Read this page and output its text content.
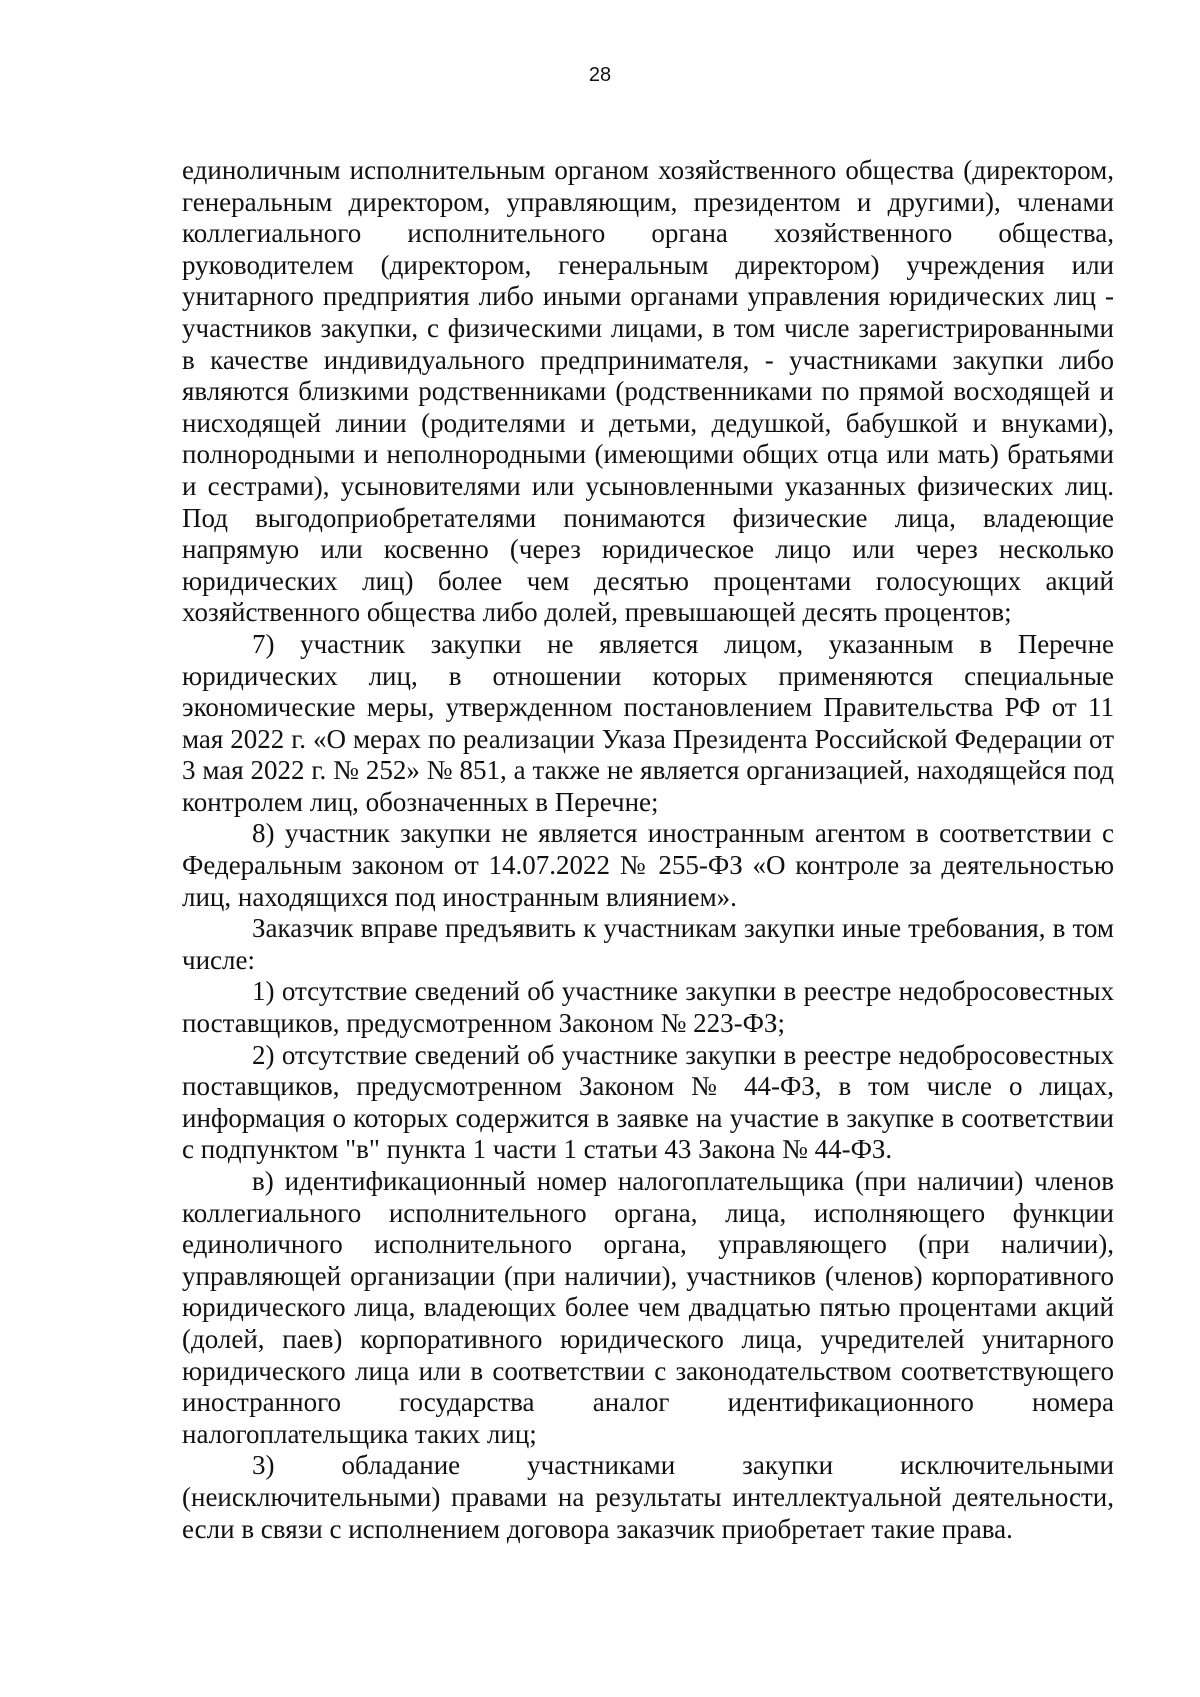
28

единоличным исполнительным органом хозяйственного общества (директором, генеральным директором, управляющим, президентом и другими), членами коллегиального исполнительного органа хозяйственного общества, руководителем (директором, генеральным директором) учреждения или унитарного предприятия либо иными органами управления юридических лиц - участников закупки, с физическими лицами, в том числе зарегистрированными в качестве индивидуального предпринимателя, - участниками закупки либо являются близкими родственниками (родственниками по прямой восходящей и нисходящей линии (родителями и детьми, дедушкой, бабушкой и внуками), полнородными и неполнородными (имеющими общих отца или мать) братьями и сестрами), усыновителями или усыновленными указанных физических лиц. Под выгодоприобретателями понимаются физические лица, владеющие напрямую или косвенно (через юридическое лицо или через несколько юридических лиц) более чем десятью процентами голосующих акций хозяйственного общества либо долей, превышающей десять процентов;

7) участник закупки не является лицом, указанным в Перечне юридических лиц, в отношении которых применяются специальные экономические меры, утвержденном постановлением Правительства РФ от 11 мая 2022 г. «О мерах по реализации Указа Президента Российской Федерации от 3 мая 2022 г. № 252» № 851, а также не является организацией, находящейся под контролем лиц, обозначенных в Перечне;

8) участник закупки не является иностранным агентом в соответствии с Федеральным законом от 14.07.2022 № 255-ФЗ «О контроле за деятельностью лиц, находящихся под иностранным влиянием».

Заказчик вправе предъявить к участникам закупки иные требования, в том числе:

1) отсутствие сведений об участнике закупки в реестре недобросовестных поставщиков, предусмотренном Законом № 223-ФЗ;

2) отсутствие сведений об участнике закупки в реестре недобросовестных поставщиков, предусмотренном Законом № 44-ФЗ, в том числе о лицах, информация о которых содержится в заявке на участие в закупке в соответствии с подпунктом "в" пункта 1 части 1 статьи 43 Закона № 44-ФЗ.

в) идентификационный номер налогоплательщика (при наличии) членов коллегиального исполнительного органа, лица, исполняющего функции единоличного исполнительного органа, управляющего (при наличии), управляющей организации (при наличии), участников (членов) корпоративного юридического лица, владеющих более чем двадцатью пятью процентами акций (долей, паев) корпоративного юридического лица, учредителей унитарного юридического лица или в соответствии с законодательством соответствующего иностранного государства аналог идентификационного номера налогоплательщика таких лиц;

3) обладание участниками закупки исключительными (неисключительными) правами на результаты интеллектуальной деятельности, если в связи с исполнением договора заказчик приобретает такие права.
